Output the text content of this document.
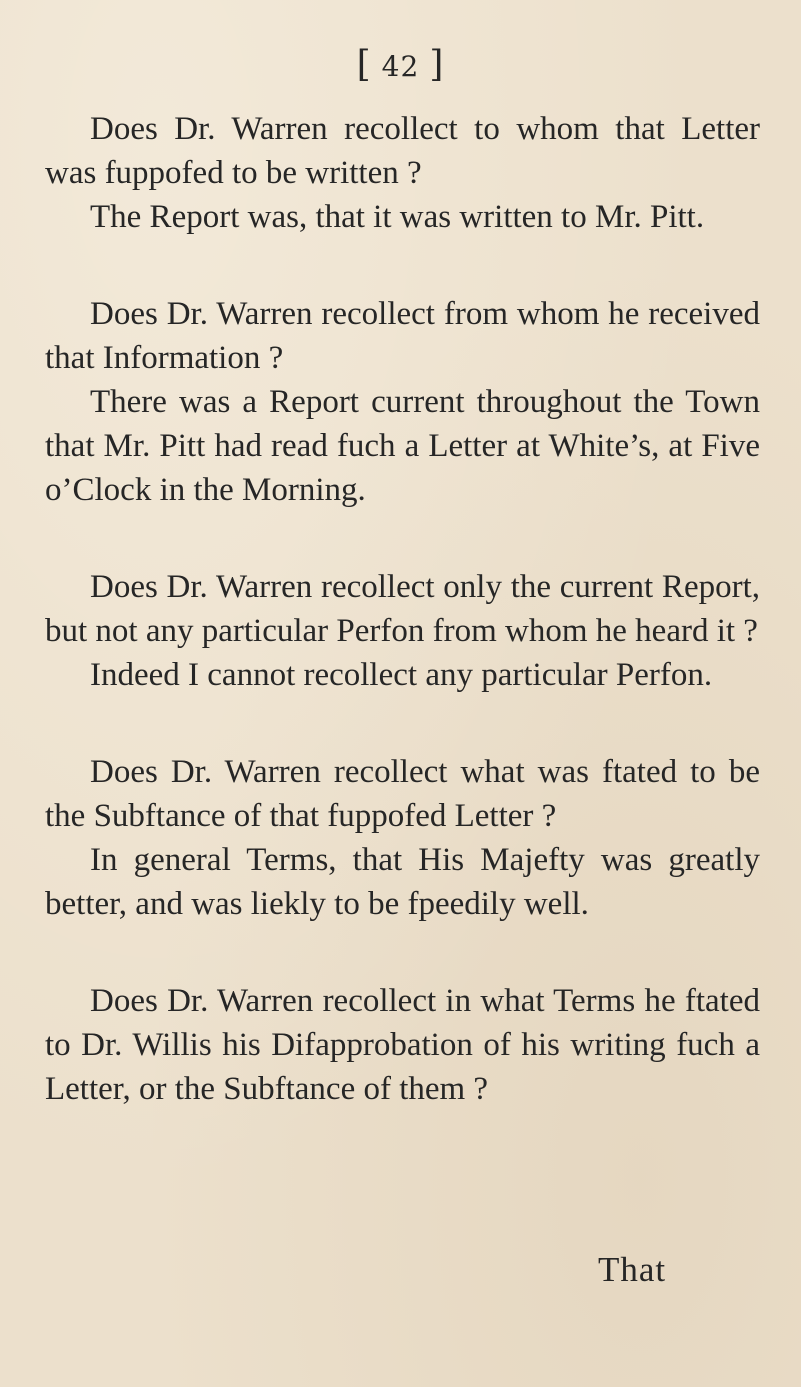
[ 42 ]

Does Dr. Warren recollect to whom that Letter was fuppofed to be written ?

The Report was, that it was written to Mr. Pitt.

Does Dr. Warren recollect from whom he received that Information ?

There was a Report current throughout the Town that Mr. Pitt had read fuch a Letter at White’s, at Five o’Clock in the Morning.

Does Dr. Warren recollect only the current Report, but not any particular Perfon from whom he heard it ?

Indeed I cannot recollect any particular Perfon.

Does Dr. Warren recollect what was ftated to be the Subftance of that fuppofed Letter ?

In general Terms, that His Majefty was greatly better, and was liekly to be fpeedily well.

Does Dr. Warren recollect in what Terms he ftated to Dr. Willis his Difapprobation of his writing fuch a Letter, or the Subftance of them ?

That
